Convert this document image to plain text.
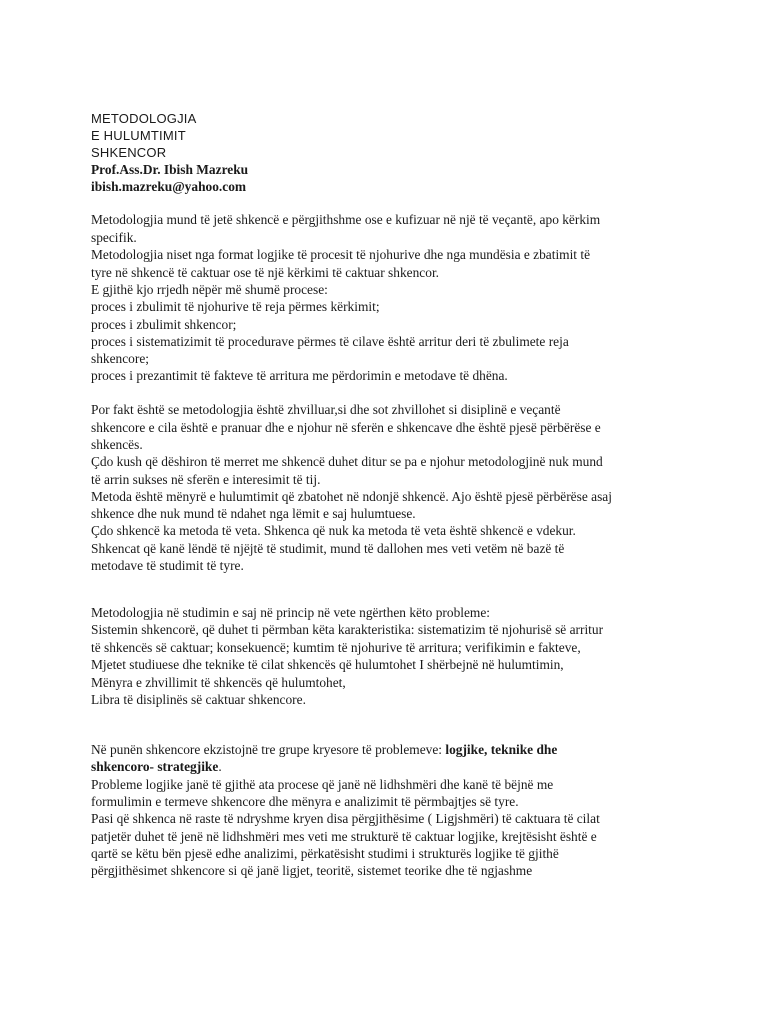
METODOLOGJIA
E HULUMTIMIT
SHKENCOR
Prof.Ass.Dr. Ibish Mazreku
ibish.mazreku@yahoo.com
Metodologjia mund të jetë shkencë e përgjithshme ose e kufizuar në një të veçantë, apo kërkim
specifik.
Metodologjia niset nga format logjike të procesit të njohurive dhe nga mundësia e zbatimit të
tyre në shkencë të caktuar ose të një kërkimi të caktuar shkencor.
E gjithë kjo rrjedh nëpër më shumë procese:
proces i zbulimit të njohurive të reja përmes kërkimit;
proces i zbulimit shkencor;
proces i sistematizimit të procedurave përmes të cilave është arritur deri të zbulimete reja
shkencore;
proces i prezantimit të fakteve të arritura me përdorimin e metodave të dhëna.
Por fakt është se metodologjia është zhvilluar,si dhe sot zhvillohet si disiplinë e veçantë
shkencore e cila është e pranuar dhe e njohur në sferën e shkencave dhe është pjesë përbërëse e
shkencës.
Çdo kush që dëshiron të merret me shkencë duhet ditur se pa e njohur metodologjinë nuk mund
të arrin sukses në sferën e interesimit të tij.
Metoda është mënyrë e hulumtimit që zbatohet në ndonjë shkencë. Ajo është pjesë përbërëse asaj
shkence dhe nuk mund të ndahet nga lëmit e saj hulumtuese.
Çdo shkencë ka metoda të veta. Shkenca që nuk ka metoda të veta është shkencë e vdekur.
Shkencat që kanë lëndë të njëjtë të studimit, mund të dallohen mes veti vetëm në bazë të
metodave të studimit të tyre.
Metodologjia në studimin e saj në princip në vete ngërthen këto probleme:
Sistemin shkencorë, që duhet ti përmban këta karakteristika: sistematizim të njohurisë së arritur
të shkencës së caktuar; konsekuencë; kumtim të njohurive të arritura; verifikimin e fakteve,
Mjetet studiuese dhe teknike të cilat shkencës që hulumtohet I shërbejnë në hulumtimin,
Mënyra e zhvillimit të shkencës që hulumtohet,
Libra të disiplinës së caktuar shkencore.
Në punën shkencore ekzistojnë tre grupe kryesore të problemeve: logjike, teknike dhe
shkencoro- strategjike.
Probleme logjike janë të gjithë ata procese që janë në lidhshmëri dhe kanë të bëjnë me
formulimin e termeve shkencore dhe mënyra e analizimit të përmbajtjes së tyre.
Pasi që shkenca në raste të ndryshme kryen disa përgjithësime ( Ligjshmëri) të caktuara të cilat
patjetër duhet të jenë në lidhshmëri mes veti me strukturë të caktuar logjike, krejtësisht është e
qartë se këtu bën pjesë edhe analizimi, përkatësisht studimi i strukturës logjike të gjithë
përgjithësimet shkencore si që janë ligjet, teoritë, sistemet teorike dhe të ngjashme
